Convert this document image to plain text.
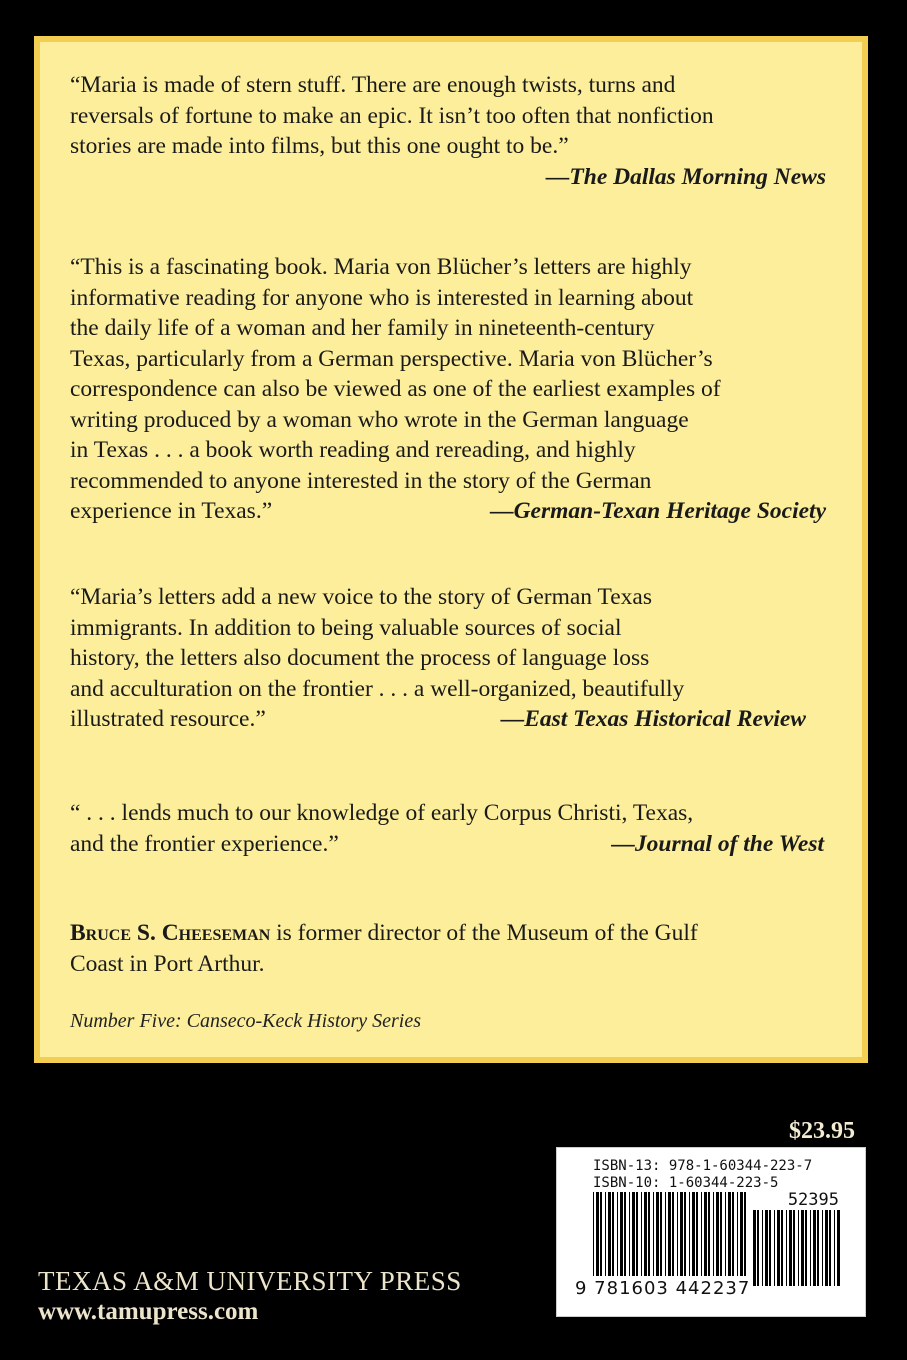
“Maria is made of stern stuff. There are enough twists, turns and

reversals of fortune to make an epic. It isn’t too often that nonfiction

stories are made into films, but this one ought to be.”

—The Dallas Morning News

“This is a fascinating book. Maria von Blücher’s letters are highly

informative reading for anyone who is interested in learning about

the daily life of a woman and her family in nineteenth-century

Texas, particularly from a German perspective. Maria von Blücher’s

correspondence can also be viewed as one of the earliest examples of

writing produced by a woman who wrote in the German language

in Texas . . . a book worth reading and rereading, and highly

recommended to anyone interested in the story of the German

experience in Texas.”	—German-Texan Heritage Society

“Maria’s letters add a new voice to the story of German Texas

immigrants. In addition to being valuable sources of social

history, the letters also document the process of language loss

and acculturation on the frontier . . . a well-organized, beautifully

illustrated resource.”	—East Texas Historical Review

“ . . . lends much to our knowledge of early Corpus Christi, Texas,

and the frontier experience.”	—Journal of the West

Bruce S. Cheeseman is former director of the Museum of the Gulf
Coast in Port Arthur.
Number Five: Canseco-Keck History Series
$23.95
ISBN-13: 978-1-60344-223-7
ISBN-10: 1-60344-223-5
52395
9 781603 442237
TEXAS A&M UNIVERSITY PRESS
www.tamupress.com
